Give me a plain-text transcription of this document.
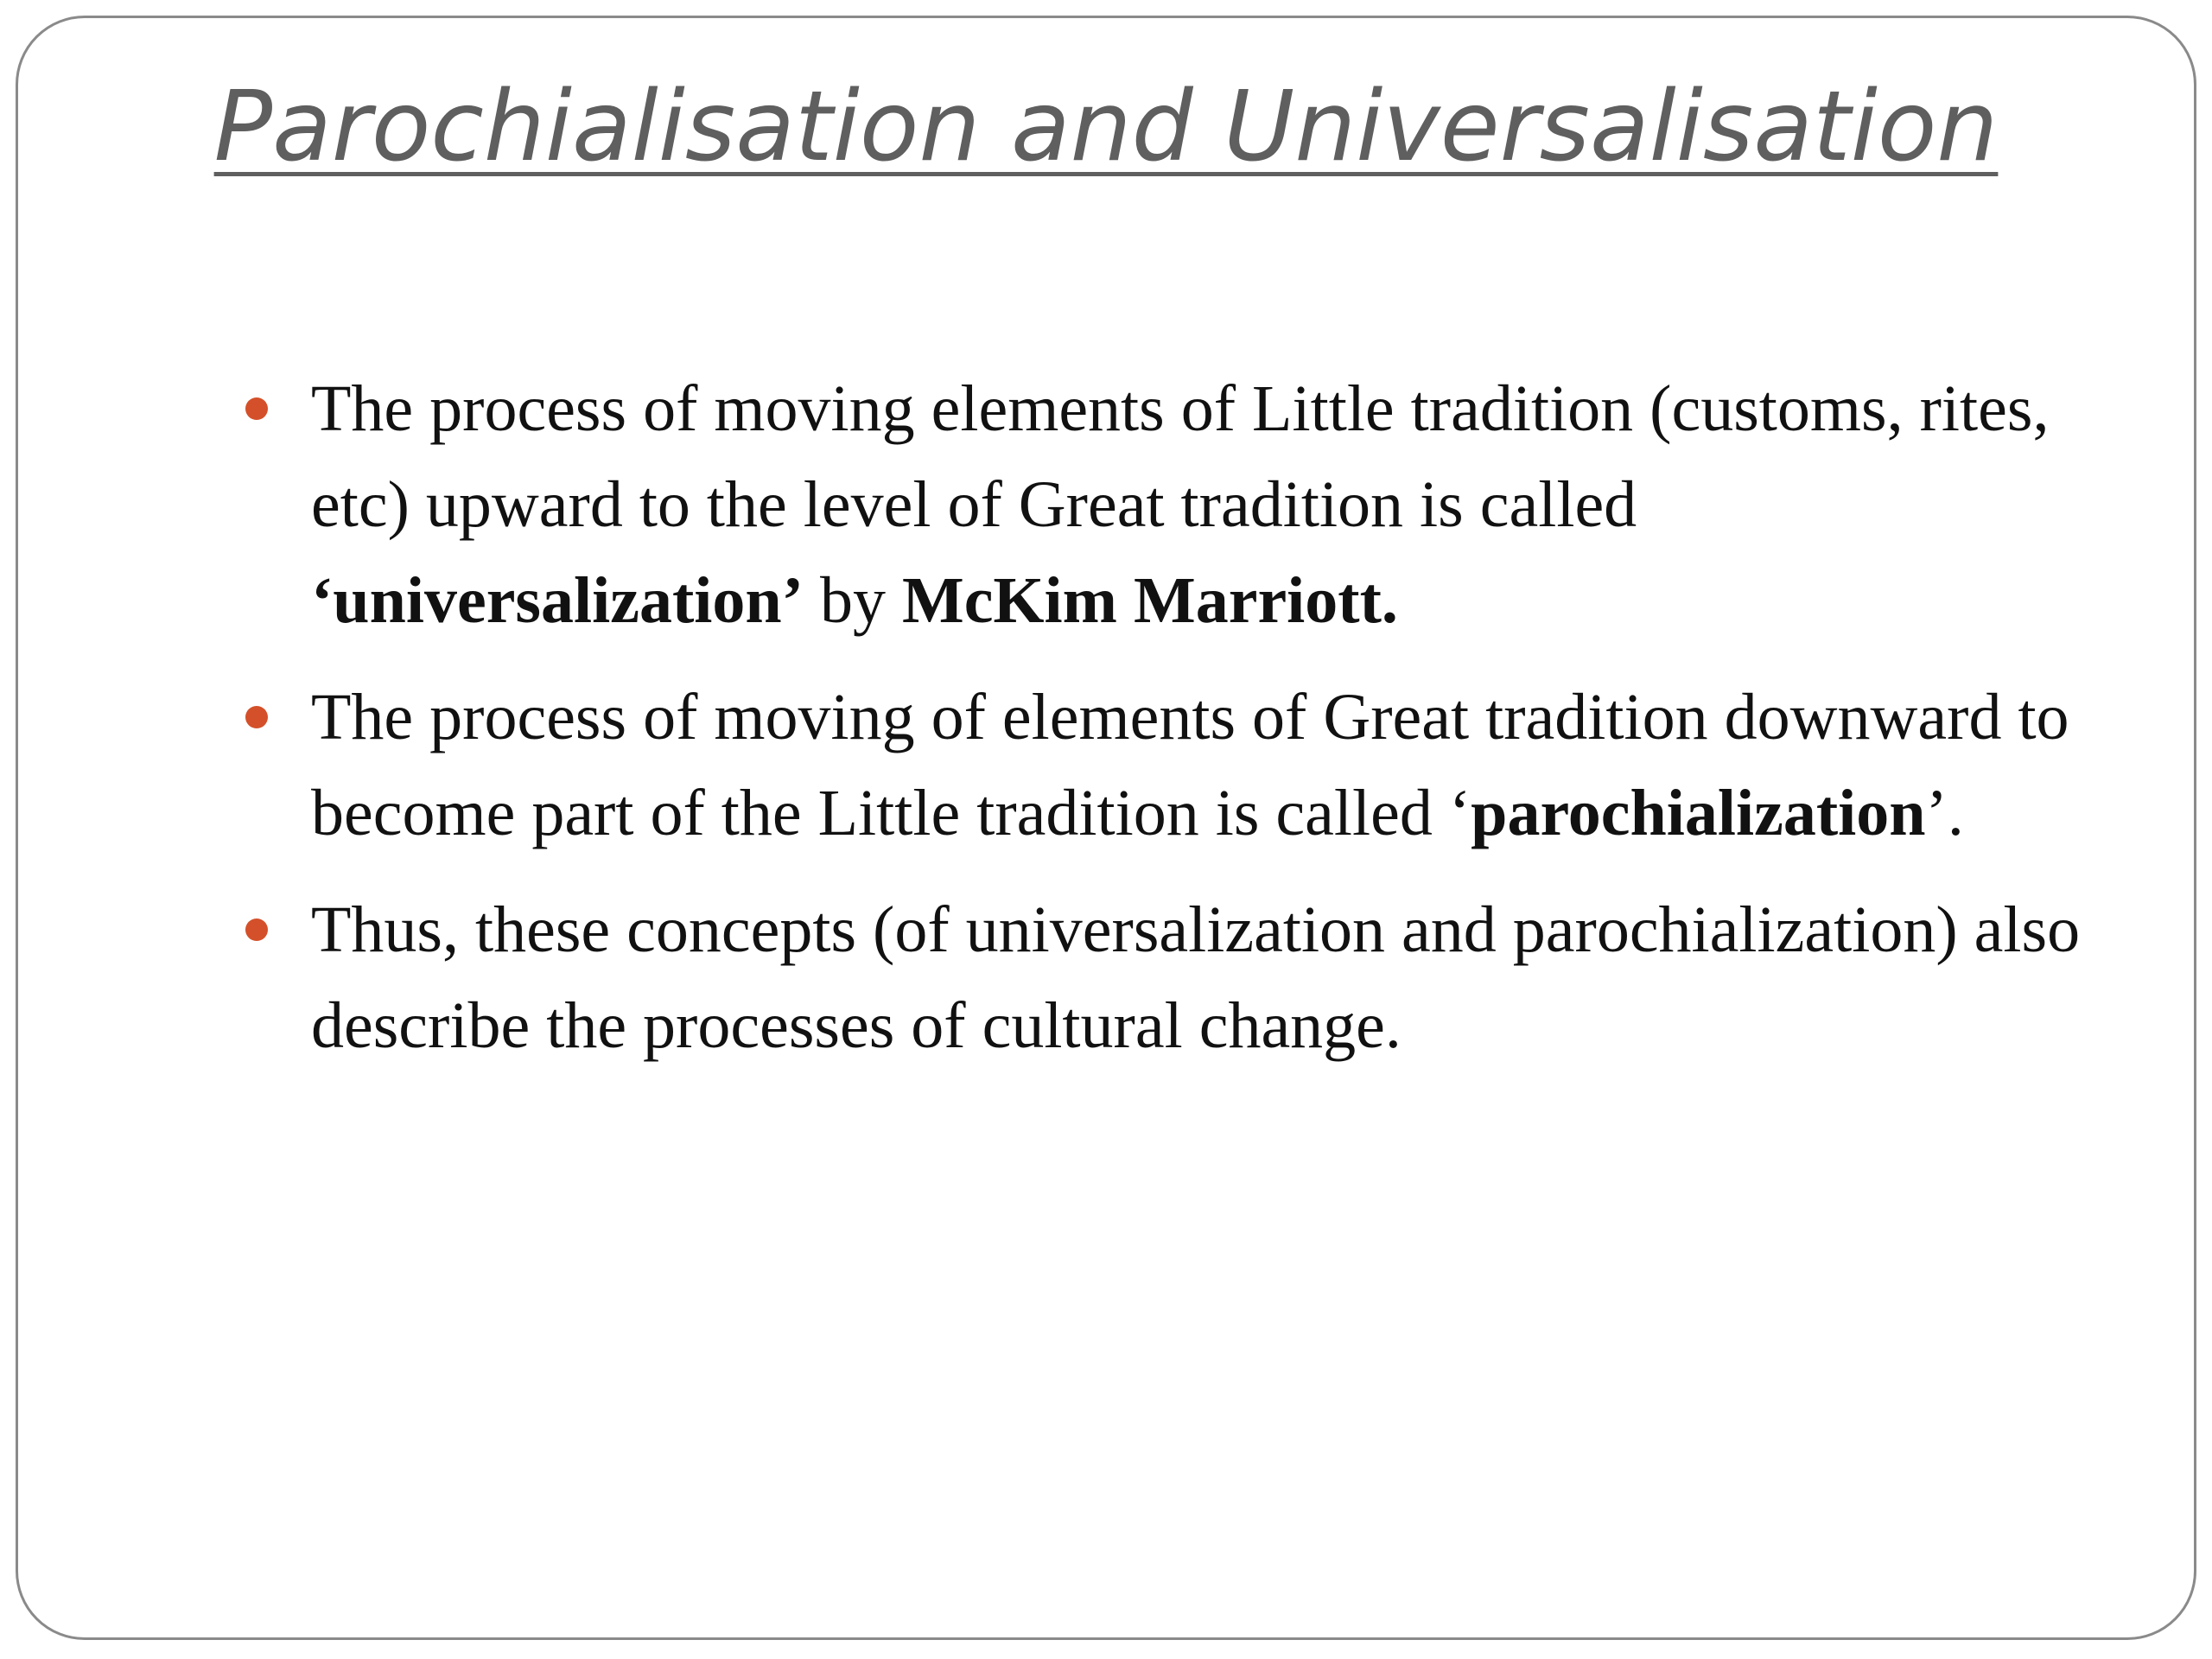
Parochialisation and Universalisation
The process of moving elements of Little tradition (customs, rites, etc) upward to the level of Great tradition is called ‘universalization’ by McKim Marriott.
The process of moving of elements of Great tradition downward to become part of the Little tradition is called ‘parochialization’.
Thus, these concepts (of universalization and parochialization) also describe the processes of cultural change.
